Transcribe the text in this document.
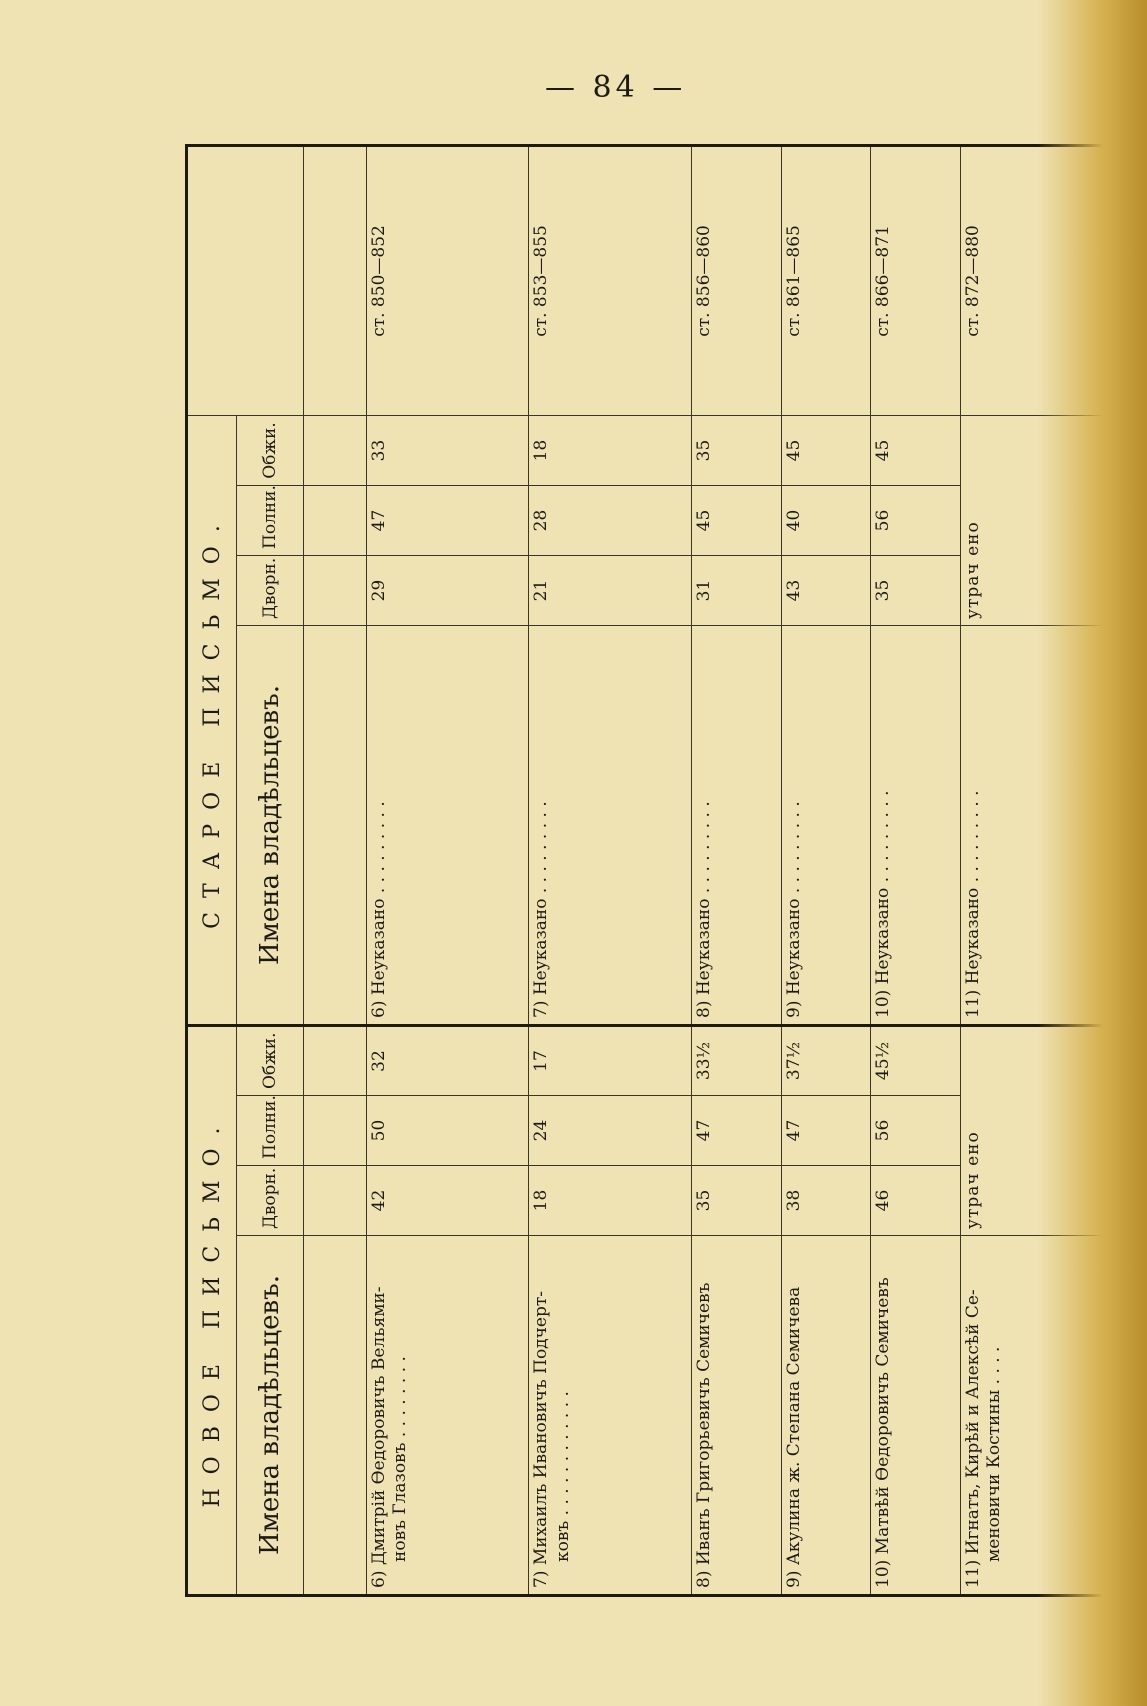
— 84 —
НОВОЕ ПИСЬМО.				СТАРОЕ ПИСЬМО.				
Имена владѣльцевъ.	Дворн.	Полни.	Обжи.	Имена владѣльцевъ.	Дворн.	Полни.	Обжи.	

6) Дмитрій Ѳедоровичъ Вельями- новъ Глазовъ . . . . . . . .	42	50	32	6) Неуказано . . . . . . . . .	29	47	33	ст. 850—852

7) Михаилъ Ивановичъ Подчерт- ковъ . . . . . . . . . . . .	18	24	17	7) Неуказано . . . . . . . . .	21	28	18	ст. 853—855

8) Иванъ Григорьевичъ Семичевъ	35	47	33½	8) Неуказано . . . . . . . . .	31	45	35	ст. 856—860

9) Акулина ж. Степана Семичева	38	47	37½	9) Неуказано . . . . . . . . .	43	40	45	ст. 861—865

10) Матвѣй Ѳедоровичъ Семичевъ	46	56	45½	10) Неуказано . . . . . . . . .	35	56	45	ст. 866—871

11) Игнатъ, Кирѣй и Алексѣй Се- меновичи Костины . . . .	утрач ено			11) Неуказано . . . . . . . . .	утрач ено			ст. 872—880
